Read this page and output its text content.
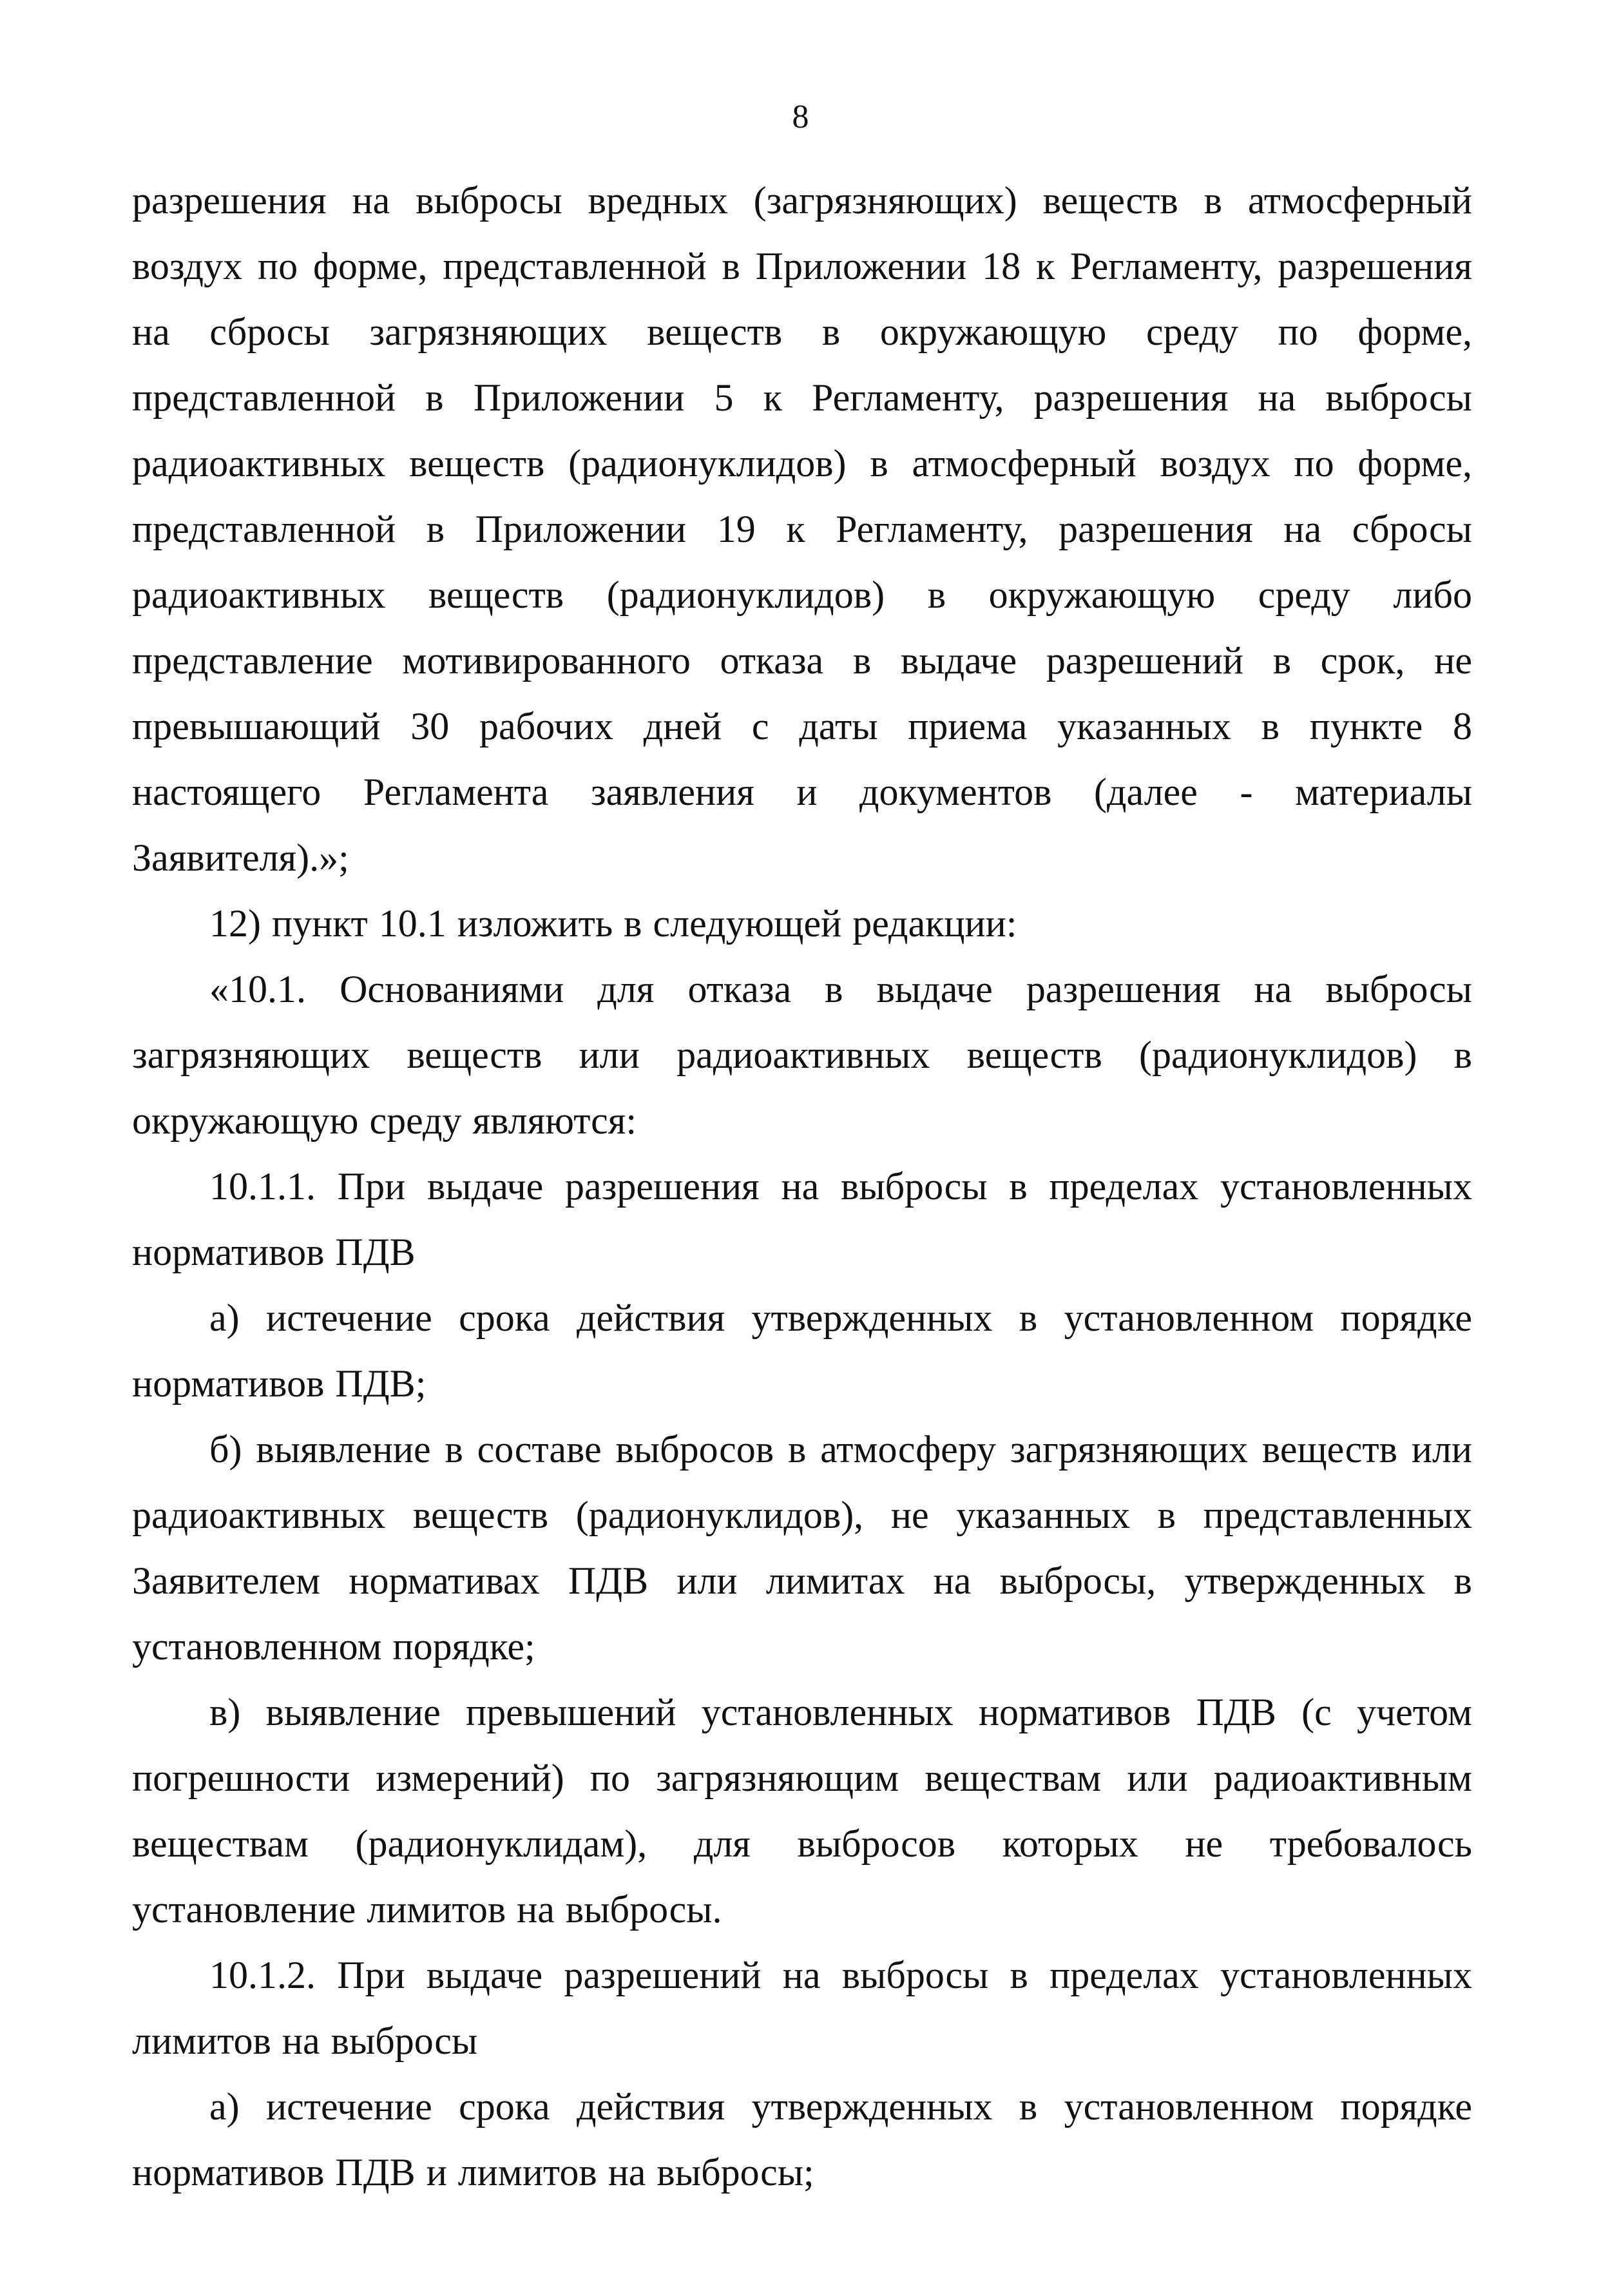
8

разрешения на выбросы вредных (загрязняющих) веществ в атмосферный воздух по форме, представленной в Приложении 18 к Регламенту, разрешения на сбросы загрязняющих веществ в окружающую среду по форме, представленной в Приложении 5 к Регламенту, разрешения на выбросы радиоактивных веществ (радионуклидов) в атмосферный воздух по форме, представленной в Приложении 19 к Регламенту, разрешения на сбросы радиоактивных веществ (радионуклидов) в окружающую среду либо представление мотивированного отказа в выдаче разрешений в срок, не превышающий 30 рабочих дней с даты приема указанных в пункте 8 настоящего Регламента заявления и документов (далее - материалы Заявителя).»;

12) пункт 10.1 изложить в следующей редакции:

«10.1. Основаниями для отказа в выдаче разрешения на выбросы загрязняющих веществ или радиоактивных веществ (радионуклидов) в окружающую среду являются:

10.1.1. При выдаче разрешения на выбросы в пределах установленных нормативов ПДВ

а) истечение срока действия утвержденных в установленном порядке нормативов ПДВ;

б) выявление в составе выбросов в атмосферу загрязняющих веществ или радиоактивных веществ (радионуклидов), не указанных в представленных Заявителем нормативах ПДВ или лимитах на выбросы, утвержденных в установленном порядке;

в) выявление превышений установленных нормативов ПДВ (с учетом погрешности измерений) по загрязняющим веществам или радиоактивным веществам (радионуклидам), для выбросов которых не требовалось установление лимитов на выбросы.

10.1.2. При выдаче разрешений на выбросы в пределах установленных лимитов на выбросы

а) истечение срока действия утвержденных в установленном порядке нормативов ПДВ и лимитов на выбросы;
